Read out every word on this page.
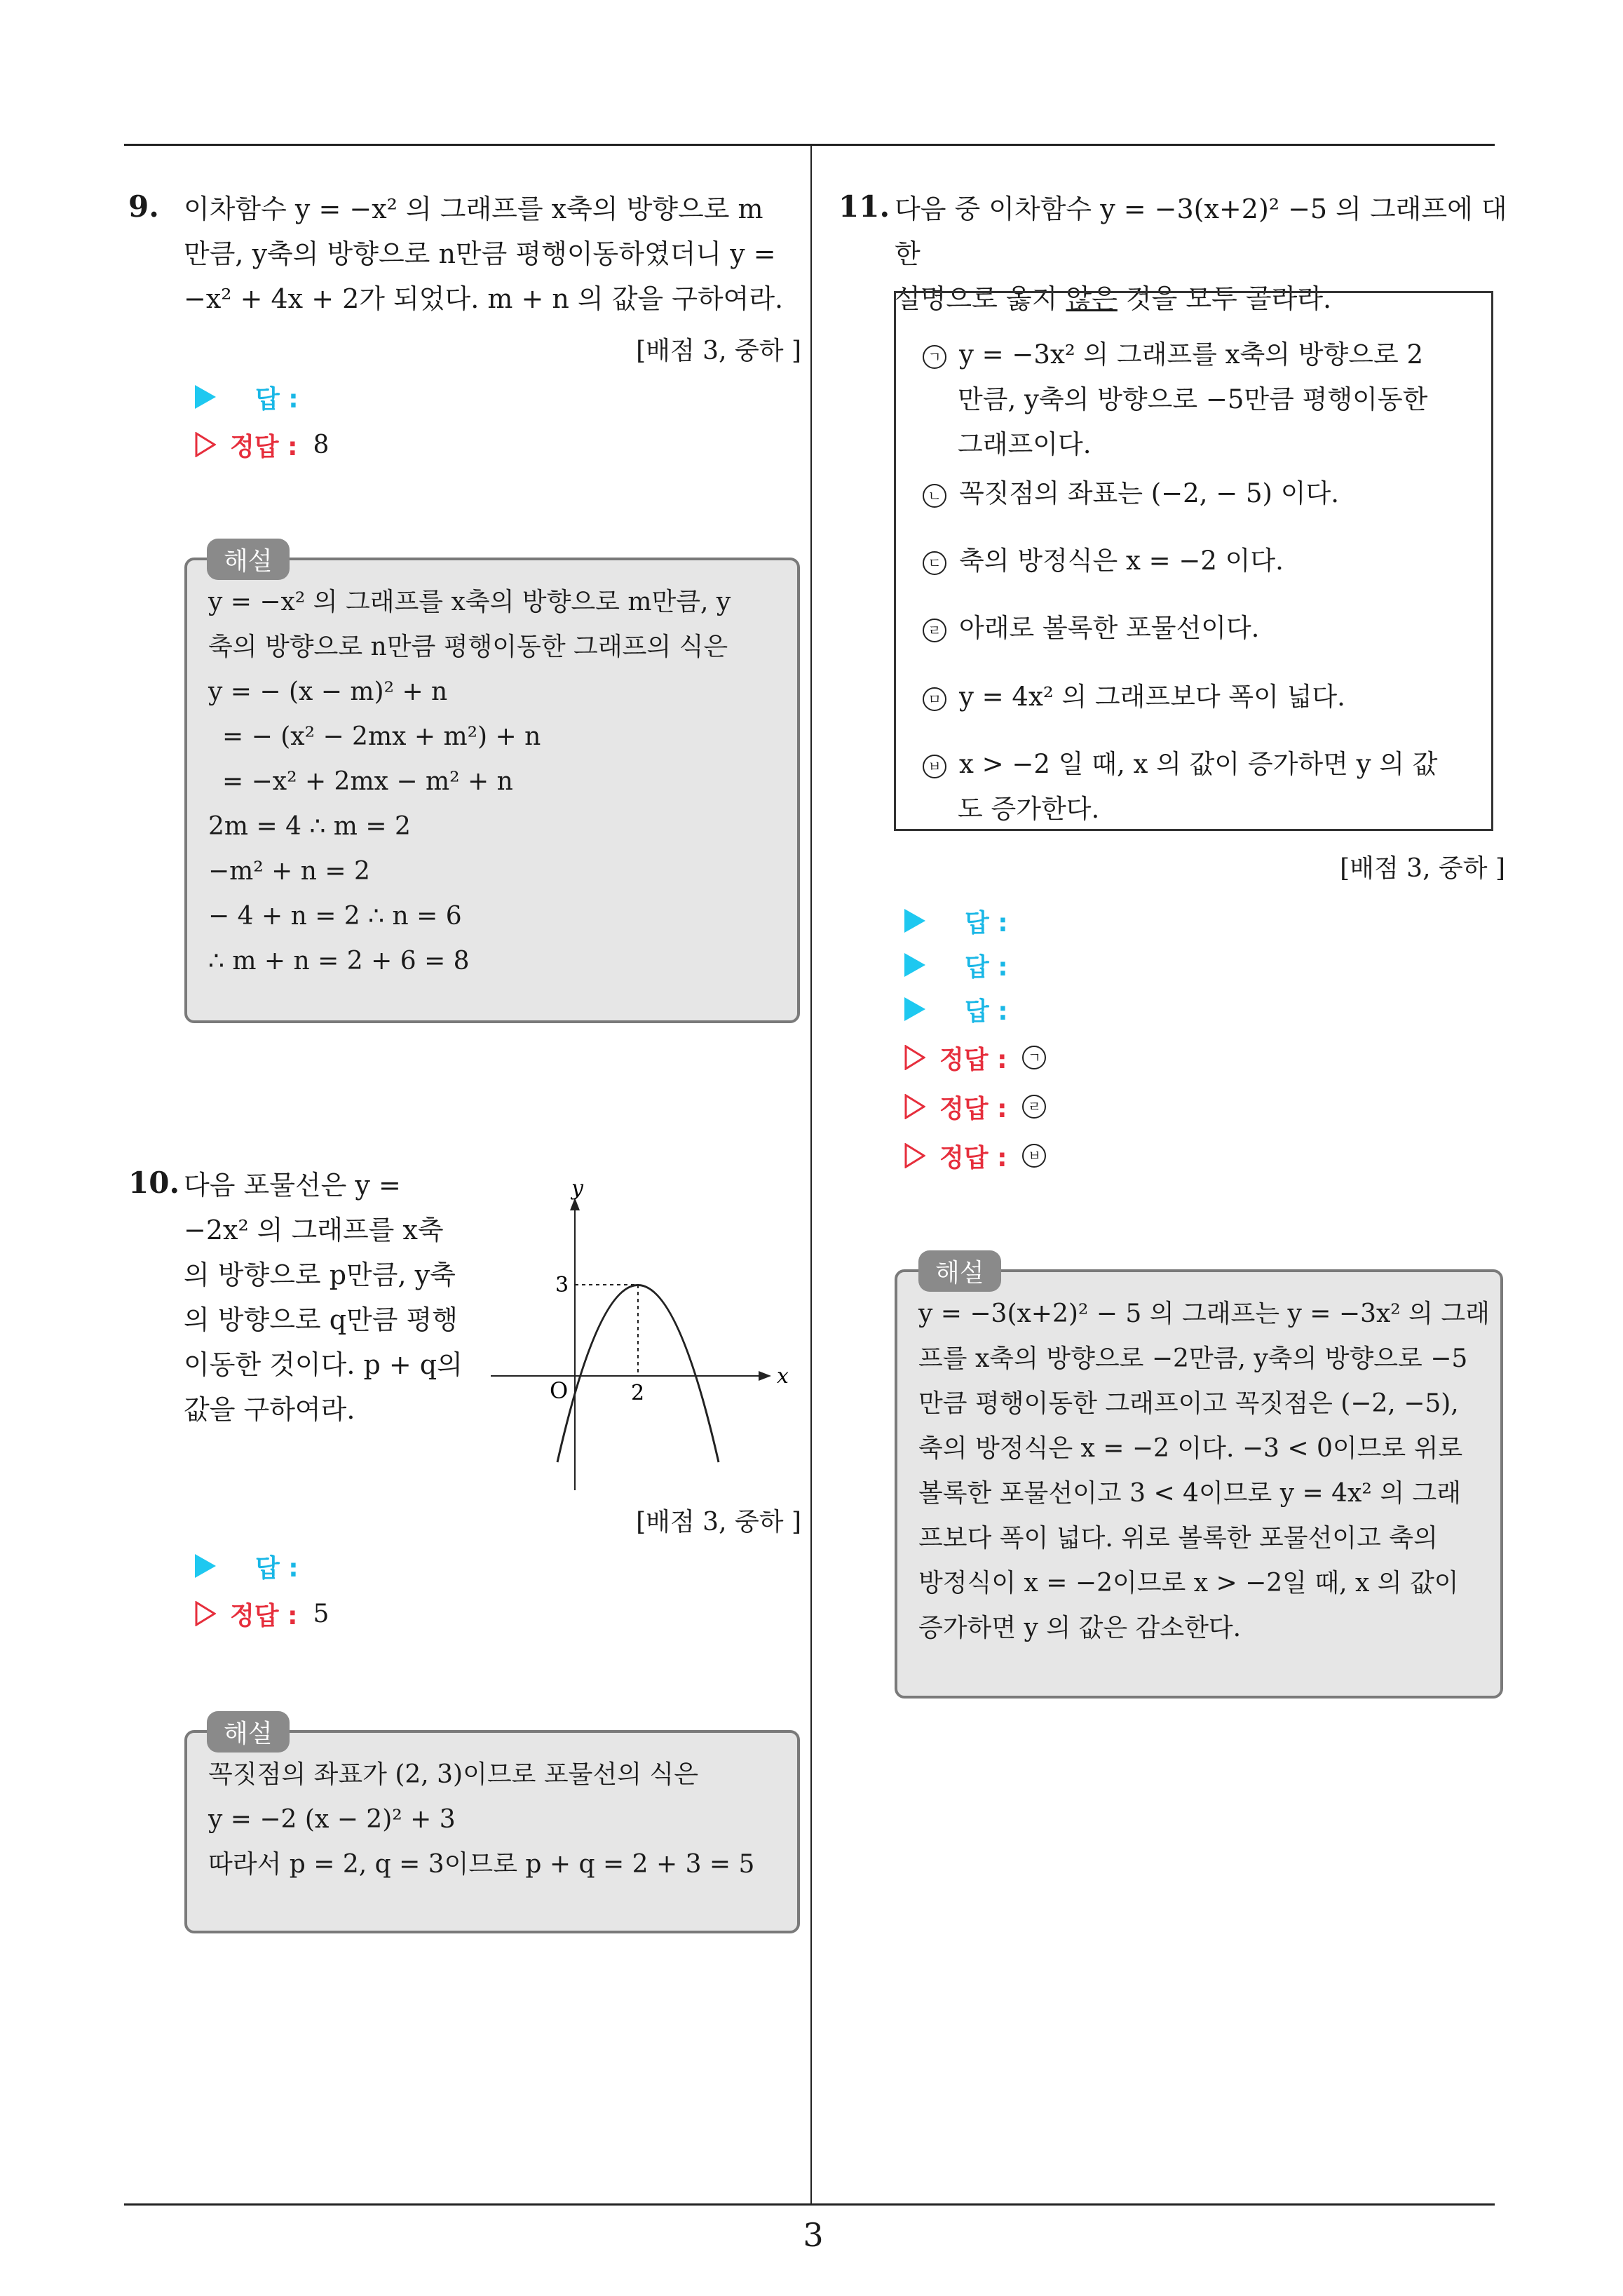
9. 이차함수 y = −x² 의 그래프를 x축의 방향으로 m
만큼, y축의 방향으로 n만큼 평행이동하였더니 y =
−x² + 4x + 2가 되었다. m + n 의 값을 구하여라.
[배점 3, 중하 ]
답 :
정답 : 8
y = −x² 의 그래프를 x축의 방향으로 m만큼, y
축의 방향으로 n만큼 평행이동한 그래프의 식은
y = − (x − m)² + n
= − (x² − 2mx + m²) + n
= −x² + 2mx − m² + n
2m = 4 ∴ m = 2
−m² + n = 2
− 4 + n = 2 ∴ n = 6
∴ m + n = 2 + 6 = 8
해설
10. 다음 포물선은 y =
−2x² 의 그래프를 x축
의 방향으로 p만큼, y축
의 방향으로 q만큼 평행
이동한 것이다. p + q의
값을 구하여라.
y
x
O	2
3
[배점 3, 중하 ]
답 :
정답 : 5
꼭짓점의 좌표가 (2, 3)이므로 포물선의 식은
y = −2 (x − 2)² + 3
따라서 p = 2, q = 3이므로 p + q = 2 + 3 = 5
해설
11. 다음 중 이차함수 y = −3(x+2)² −5 의 그래프에 대한
설명으로 옳지 않은 것을 모두 골라라.
ㄱ y = −3x² 의 그래프를 x축의 방향으로 2
만큼, y축의 방향으로 −5만큼 평행이동한
그래프이다.
ㄴ 꼭짓점의 좌표는 (−2, − 5) 이다.
ㄷ 축의 방정식은 x = −2 이다.
ㄹ 아래로 볼록한 포물선이다.
ㅁ y = 4x² 의 그래프보다 폭이 넓다.
ㅂ x > −2 일 때, x 의 값이 증가하면 y 의 값
도 증가한다.
[배점 3, 중하 ]
답 :
답 :
답 :
정답 :	ㄱ
정답 :	ㄹ
정답 :	ㅂ
y = −3(x+2)² − 5 의 그래프는 y = −3x² 의 그래
프를 x축의 방향으로 −2만큼, y축의 방향으로 −5
만큼 평행이동한 그래프이고 꼭짓점은 (−2, −5),
축의 방정식은 x = −2 이다. −3 < 0이므로 위로
볼록한 포물선이고 3 < 4이므로 y = 4x² 의 그래
프보다 폭이 넓다. 위로 볼록한 포물선이고 축의
방정식이 x = −2이므로 x > −2일 때, x 의 값이
증가하면 y 의 값은 감소한다.
해설
3
